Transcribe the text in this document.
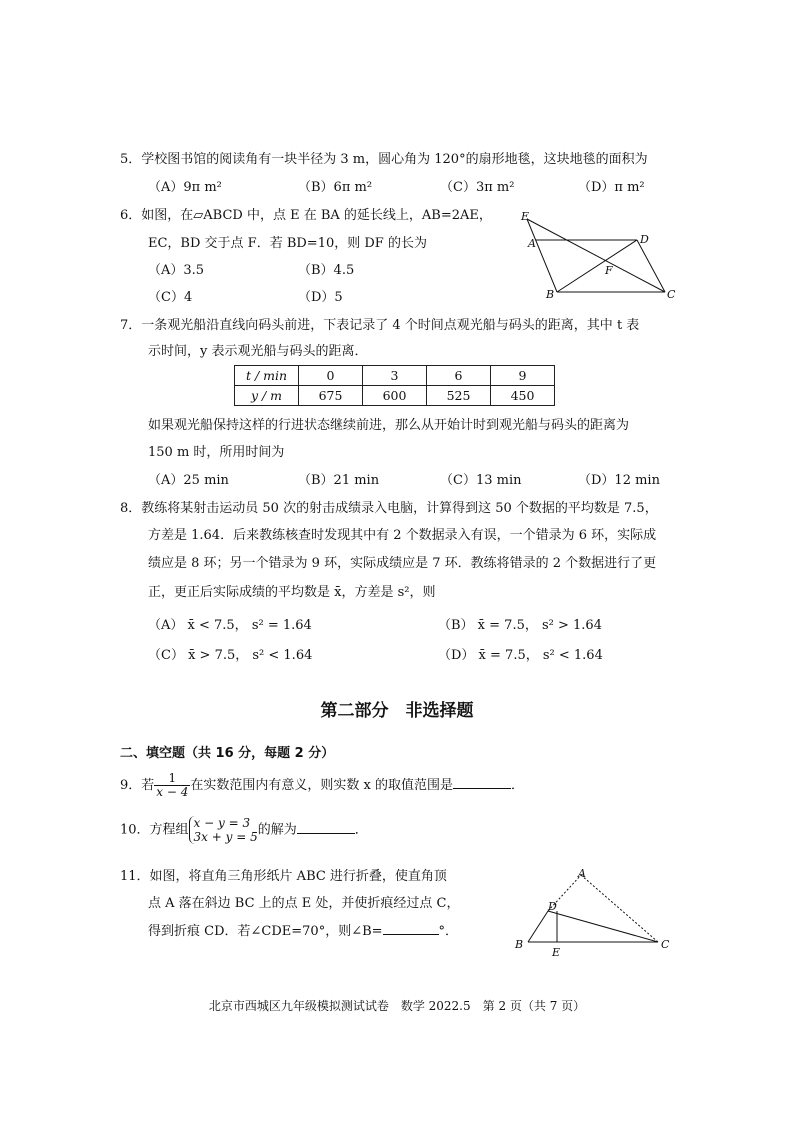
5．学校图书馆的阅读角有一块半径为 3 m，圆心角为 120°的扇形地毯，这块地毯的面积为
（A）9π m²	（B）6π m²	（C）3π m²	（D）π m²
6．如图，在▱ABCD 中，点 E 在 BA 的延长线上，AB=2AE，
EC，BD 交于点 F．若 BD=10，则 DF 的长为
（A）3.5	（B）4.5
（C）4	（D）5
E
A	D
F
B	C
7．一条观光船沿直线向码头前进，下表记录了 4 个时间点观光船与码头的距离，其中 t 表
示时间，y 表示观光船与码头的距离．
t / min	0	3	6	9
y / m	675	600	525	450
如果观光船保持这样的行进状态继续前进，那么从开始计时到观光船与码头的距离为
150 m 时，所用时间为
（A）25 min	（B）21 min	（C）13 min	（D）12 min
8．教练将某射击运动员 50 次的射击成绩录入电脑，计算得到这 50 个数据的平均数是 7.5，
方差是 1.64．后来教练核查时发现其中有 2 个数据录入有误，一个错录为 6 环，实际成
绩应是 8 环；另一个错录为 9 环，实际成绩应是 7 环．教练将错录的 2 个数据进行了更
正，更正后实际成绩的平均数是 x̄，方差是 s²，则
（A） x̄ < 7.5， s² = 1.64	（B） x̄ = 7.5， s² > 1.64
（C） x̄ > 7.5， s² < 1.64	（D） x̄ = 7.5， s² < 1.64
第二部分　非选择题
二、填空题（共 16 分，每题 2 分）
9．若 $\frac{1}{x - 4}$ 在实数范围内有意义，则实数 x 的取值范围是	．
10．方程组 x − y = 3
3x + y = 5 的解为	．
11．如图，将直角三角形纸片 ABC 进行折叠，使直角顶
点 A 落在斜边 BC 上的点 E 处，并使折痕经过点 C，
得到折痕 CD．若∠CDE=70°，则∠B=	°．
A
D
B
E
C
北京市西城区九年级模拟测试试卷　数学 2022.5　第 2 页（共 7 页）
